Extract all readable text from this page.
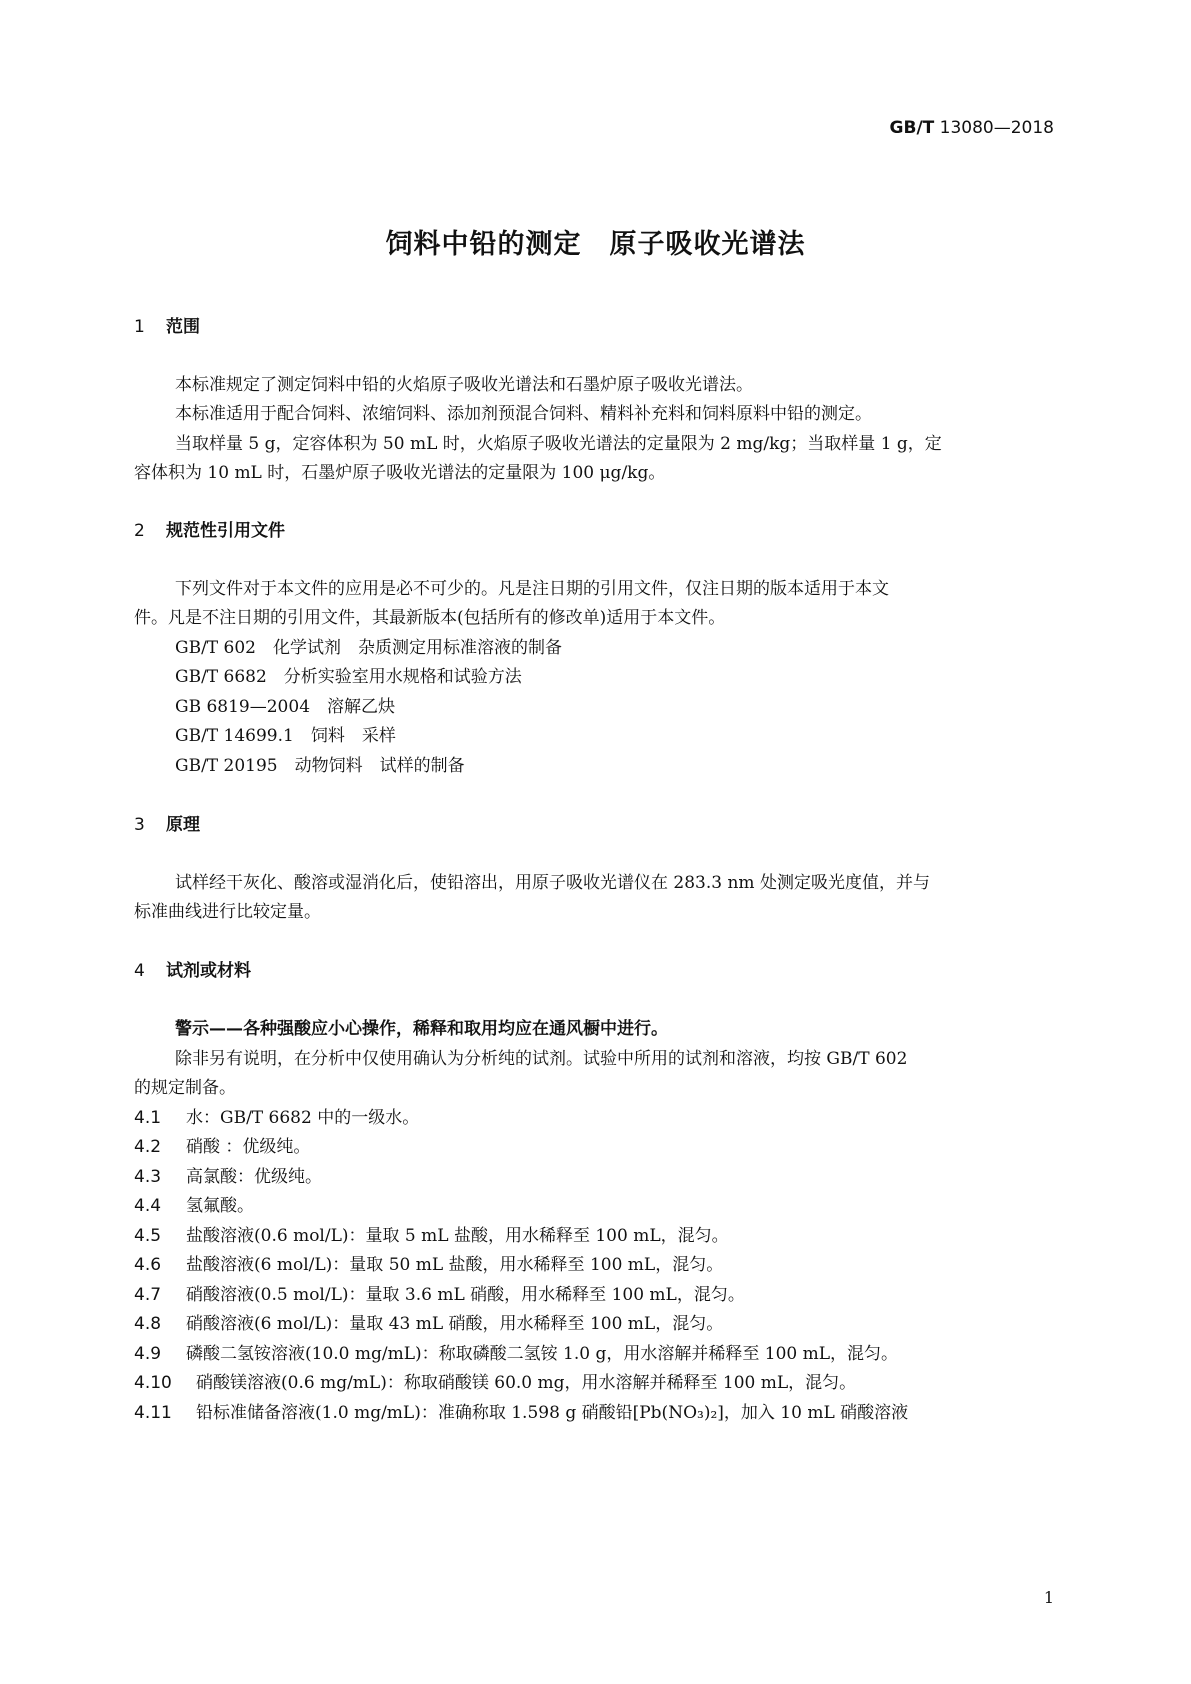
GB/T 13080—2018
饲料中铅的测定　原子吸收光谱法
1 范围
本标准规定了测定饲料中铅的火焰原子吸收光谱法和石墨炉原子吸收光谱法。
本标准适用于配合饲料、浓缩饲料、添加剂预混合饲料、精料补充料和饲料原料中铅的测定。
当取样量 5 g，定容体积为 50 mL 时，火焰原子吸收光谱法的定量限为 2 mg/kg；当取样量 1 g，定
容体积为 10 mL 时，石墨炉原子吸收光谱法的定量限为 100 μg/kg。
2 规范性引用文件
下列文件对于本文件的应用是必不可少的。凡是注日期的引用文件，仅注日期的版本适用于本文
件。凡是不注日期的引用文件，其最新版本(包括所有的修改单)适用于本文件。
GB/T 602　化学试剂　杂质测定用标准溶液的制备
GB/T 6682　分析实验室用水规格和试验方法
GB 6819—2004　溶解乙炔
GB/T 14699.1　饲料　采样
GB/T 20195　动物饲料　试样的制备
3 原理
试样经干灰化、酸溶或湿消化后，使铅溶出，用原子吸收光谱仪在 283.3 nm 处测定吸光度值，并与
标准曲线进行比较定量。
4 试剂或材料
警示——各种强酸应小心操作，稀释和取用均应在通风橱中进行。
除非另有说明，在分析中仅使用确认为分析纯的试剂。试验中所用的试剂和溶液，均按 GB/T 602
的规定制备。
4.1 水：GB/T 6682 中的一级水。
4.2 硝酸 ：优级纯。
4.3 高氯酸：优级纯。
4.4 氢氟酸。
4.5 盐酸溶液(0.6 mol/L)：量取 5 mL 盐酸，用水稀释至 100 mL，混匀。
4.6 盐酸溶液(6 mol/L)：量取 50 mL 盐酸，用水稀释至 100 mL，混匀。
4.7 硝酸溶液(0.5 mol/L)：量取 3.6 mL 硝酸，用水稀释至 100 mL，混匀。
4.8 硝酸溶液(6 mol/L)：量取 43 mL 硝酸，用水稀释至 100 mL，混匀。
4.9 磷酸二氢铵溶液(10.0 mg/mL)：称取磷酸二氢铵 1.0 g，用水溶解并稀释至 100 mL，混匀。
4.10 硝酸镁溶液(0.6 mg/mL)：称取硝酸镁 60.0 mg，用水溶解并稀释至 100 mL，混匀。
4.11 铅标准储备溶液(1.0 mg/mL)：准确称取 1.598 g 硝酸铅[Pb(NO₃)₂]，加入 10 mL 硝酸溶液
1
